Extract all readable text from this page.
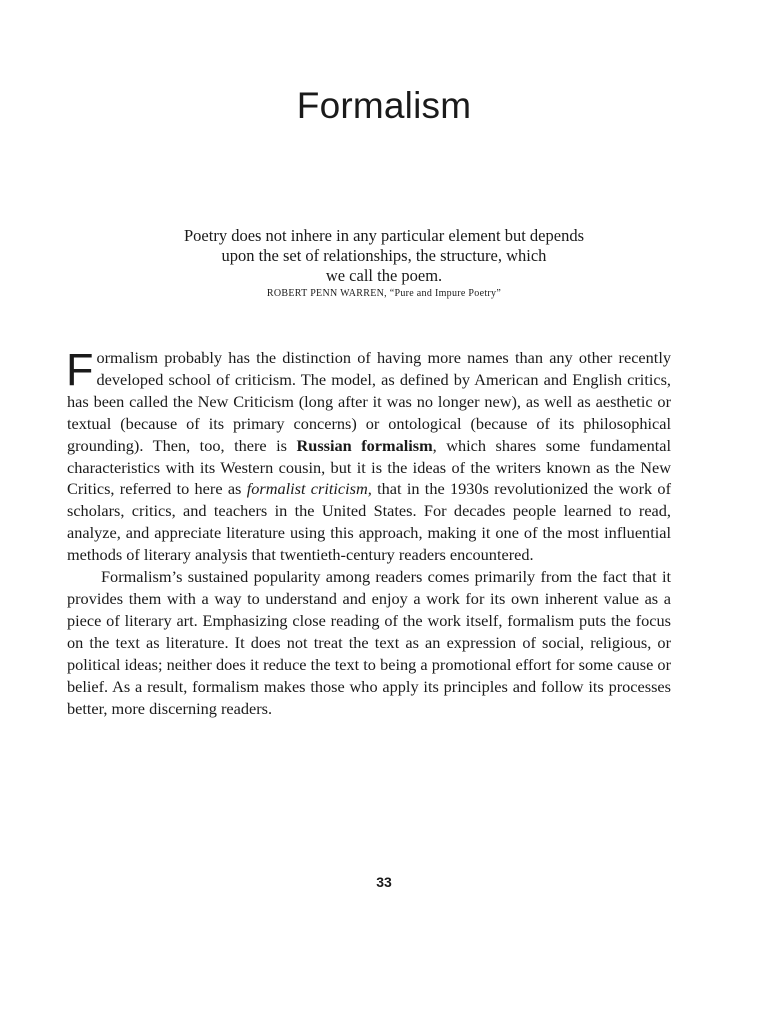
Formalism
Poetry does not inhere in any particular element but depends
upon the set of relationships, the structure, which
we call the poem.
ROBERT PENN WARREN, “Pure and Impure Poetry”

Formalism probably has the distinction of having more names than any other recently developed school of criticism. The model, as defined by American and English critics, has been called the New Criticism (long after it was no longer new), as well as aesthetic or textual (because of its primary concerns) or ontological (because of its philosophical grounding). Then, too, there is Russian formalism, which shares some fundamental characteristics with its Western cousin, but it is the ideas of the writers known as the New Critics, referred to here as formalist criticism, that in the 1930s revolutionized the work of scholars, critics, and teachers in the United States. For decades people learned to read, analyze, and appreciate literature using this approach, making it one of the most influential methods of literary analysis that twentieth-century readers encountered.

Formalism’s sustained popularity among readers comes primarily from the fact that it provides them with a way to understand and enjoy a work for its own inherent value as a piece of literary art. Emphasizing close reading of the work itself, formalism puts the focus on the text as literature. It does not treat the text as an expression of social, religious, or political ideas; neither does it reduce the text to being a promotional effort for some cause or belief. As a result, formalism makes those who apply its principles and follow its processes better, more discerning readers.

33
